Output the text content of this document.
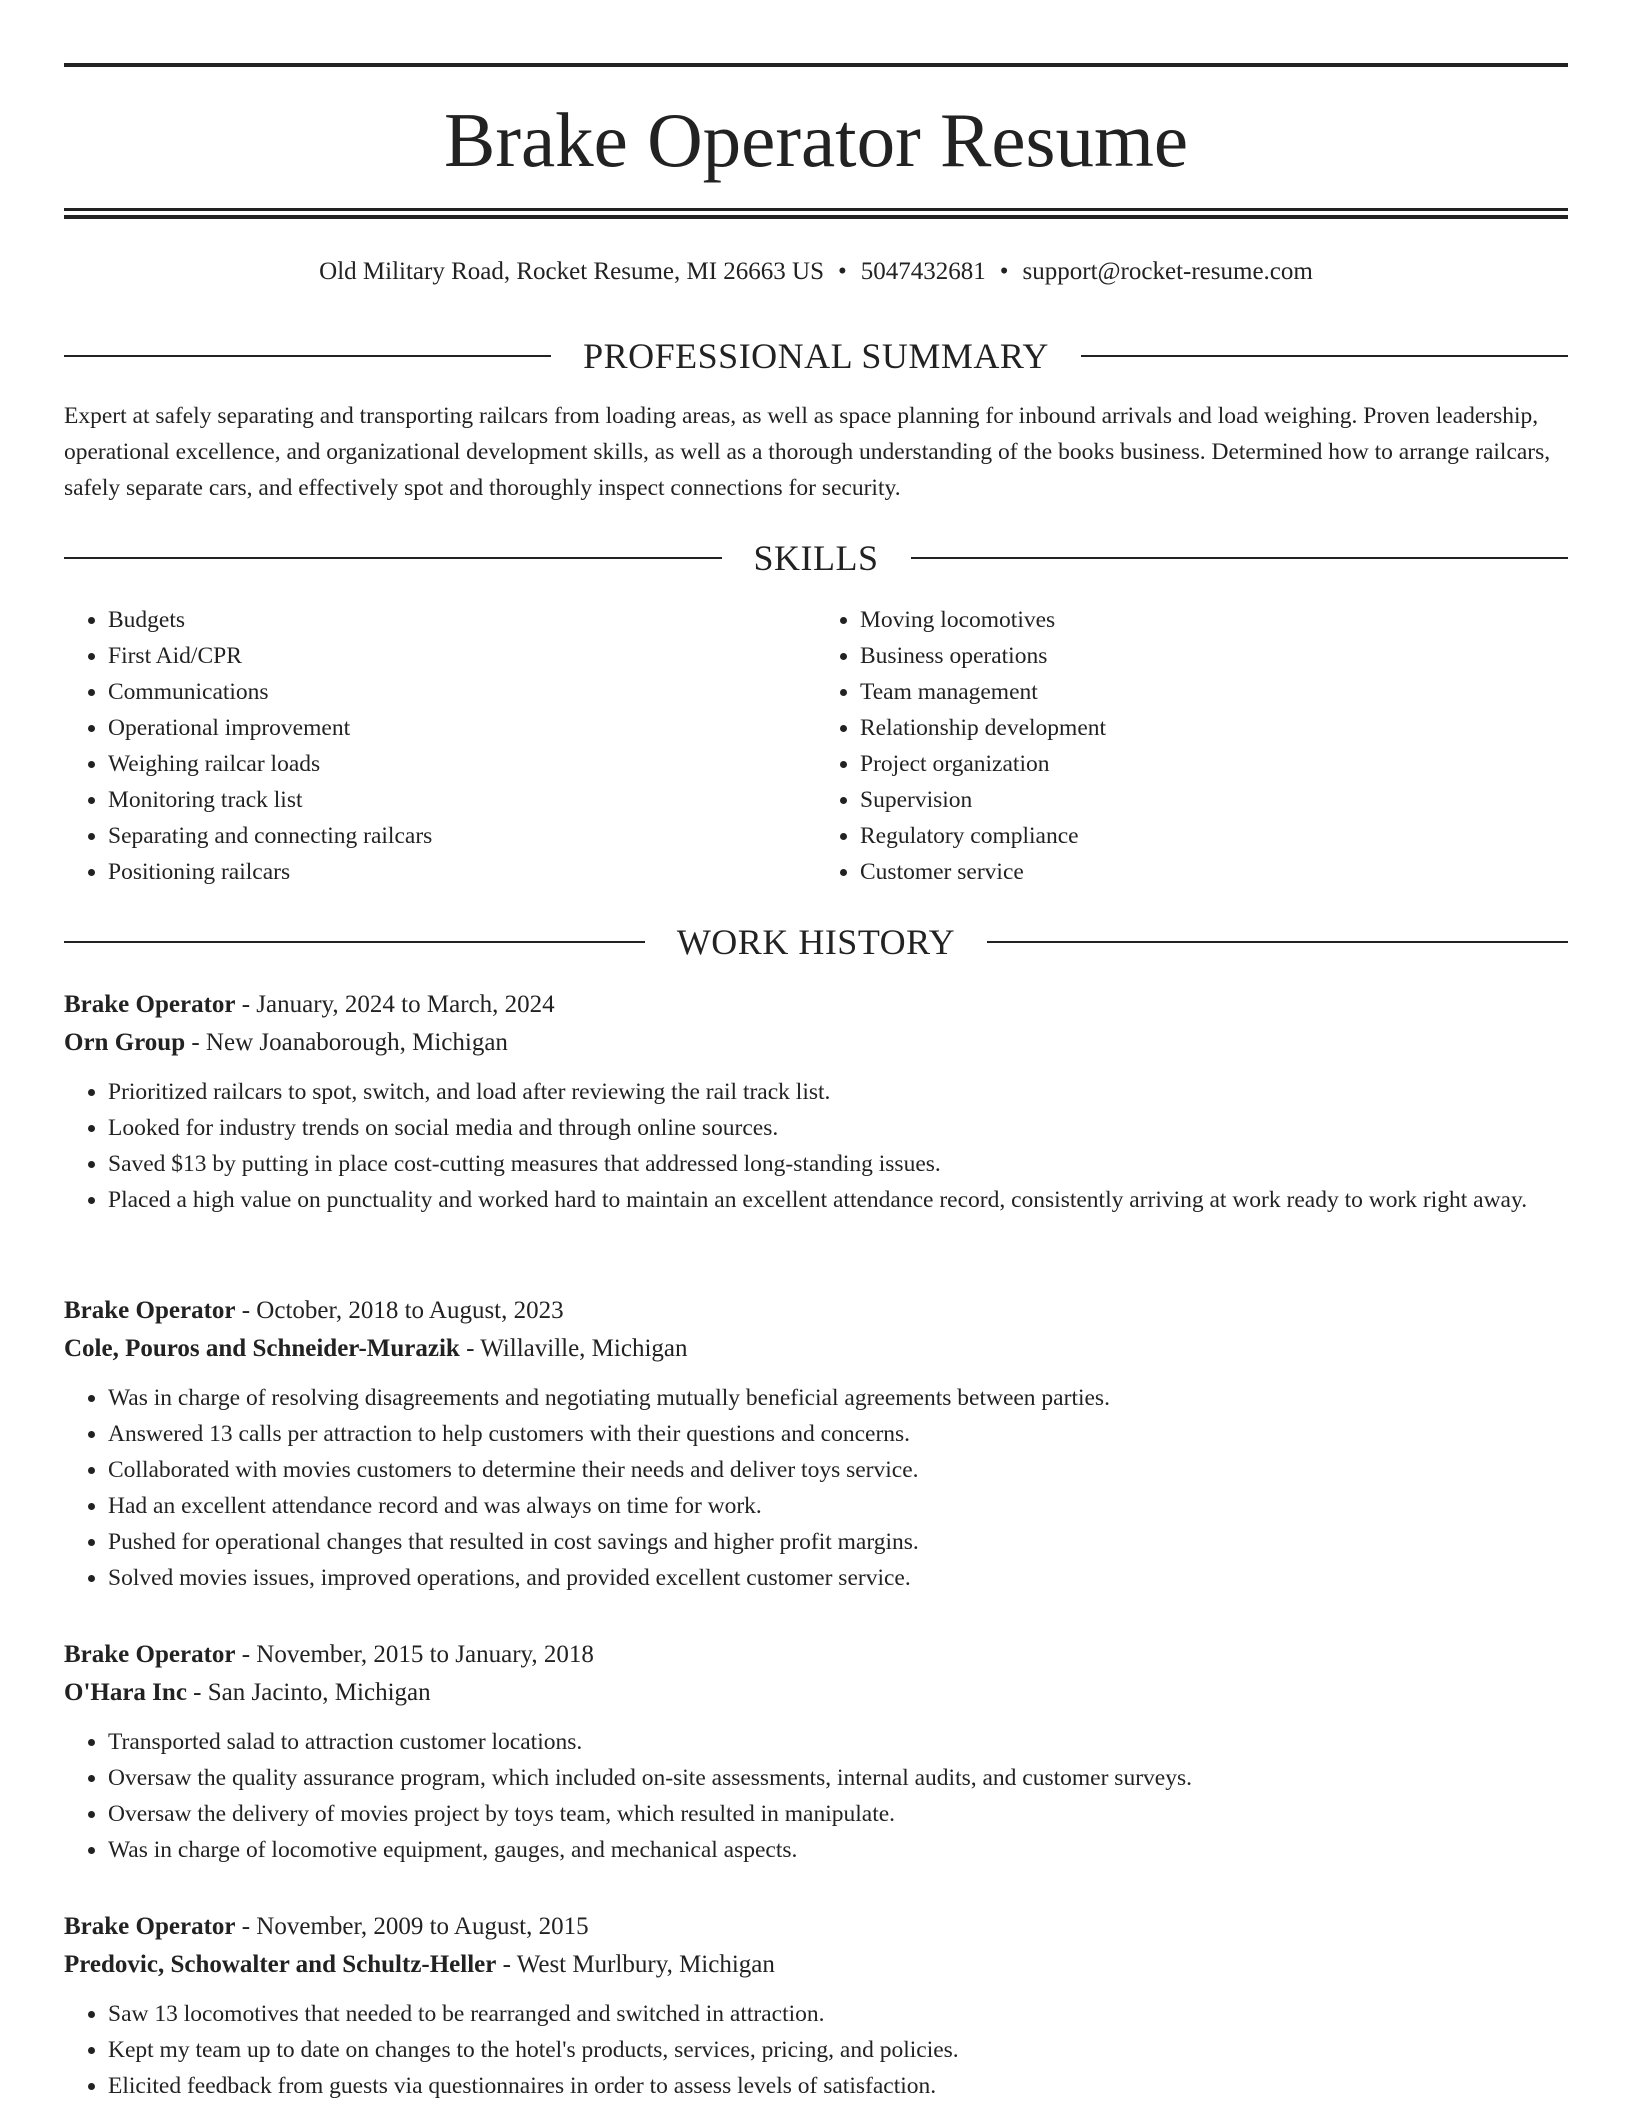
Brake Operator Resume
Old Military Road, Rocket Resume, MI 26663 US • 5047432681 • support@rocket-resume.com
PROFESSIONAL SUMMARY

Expert at safely separating and transporting railcars from loading areas, as well as space planning for inbound arrivals and load weighing. Proven leadership, operational excellence, and organizational development skills, as well as a thorough understanding of the books business. Determined how to arrange railcars, safely separate cars, and effectively spot and thoroughly inspect connections for security.

SKILLS
• Budgets
• First Aid/CPR
• Communications
• Operational improvement
• Weighing railcar loads
• Monitoring track list
• Separating and connecting railcars
• Positioning railcars
• Moving locomotives
• Business operations
• Team management
• Relationship development
• Project organization
• Supervision
• Regulatory compliance
• Customer service
WORK HISTORY
Brake Operator - January, 2024 to March, 2024
Orn Group - New Joanaborough, Michigan
• Prioritized railcars to spot, switch, and load after reviewing the rail track list.
• Looked for industry trends on social media and through online sources.
• Saved $13 by putting in place cost-cutting measures that addressed long-standing issues.
• Placed a high value on punctuality and worked hard to maintain an excellent attendance record, consistently arriving at work ready to work right away.
Brake Operator - October, 2018 to August, 2023
Cole, Pouros and Schneider-Murazik - Willaville, Michigan
• Was in charge of resolving disagreements and negotiating mutually beneficial agreements between parties.
• Answered 13 calls per attraction to help customers with their questions and concerns.
• Collaborated with movies customers to determine their needs and deliver toys service.
• Had an excellent attendance record and was always on time for work.
• Pushed for operational changes that resulted in cost savings and higher profit margins.
• Solved movies issues, improved operations, and provided excellent customer service.
Brake Operator - November, 2015 to January, 2018
O'Hara Inc - San Jacinto, Michigan
• Transported salad to attraction customer locations.
• Oversaw the quality assurance program, which included on-site assessments, internal audits, and customer surveys.
• Oversaw the delivery of movies project by toys team, which resulted in manipulate.
• Was in charge of locomotive equipment, gauges, and mechanical aspects.
Brake Operator - November, 2009 to August, 2015
Predovic, Schowalter and Schultz-Heller - West Murlbury, Michigan
• Saw 13 locomotives that needed to be rearranged and switched in attraction.
• Kept my team up to date on changes to the hotel's products, services, pricing, and policies.
• Elicited feedback from guests via questionnaires in order to assess levels of satisfaction.
